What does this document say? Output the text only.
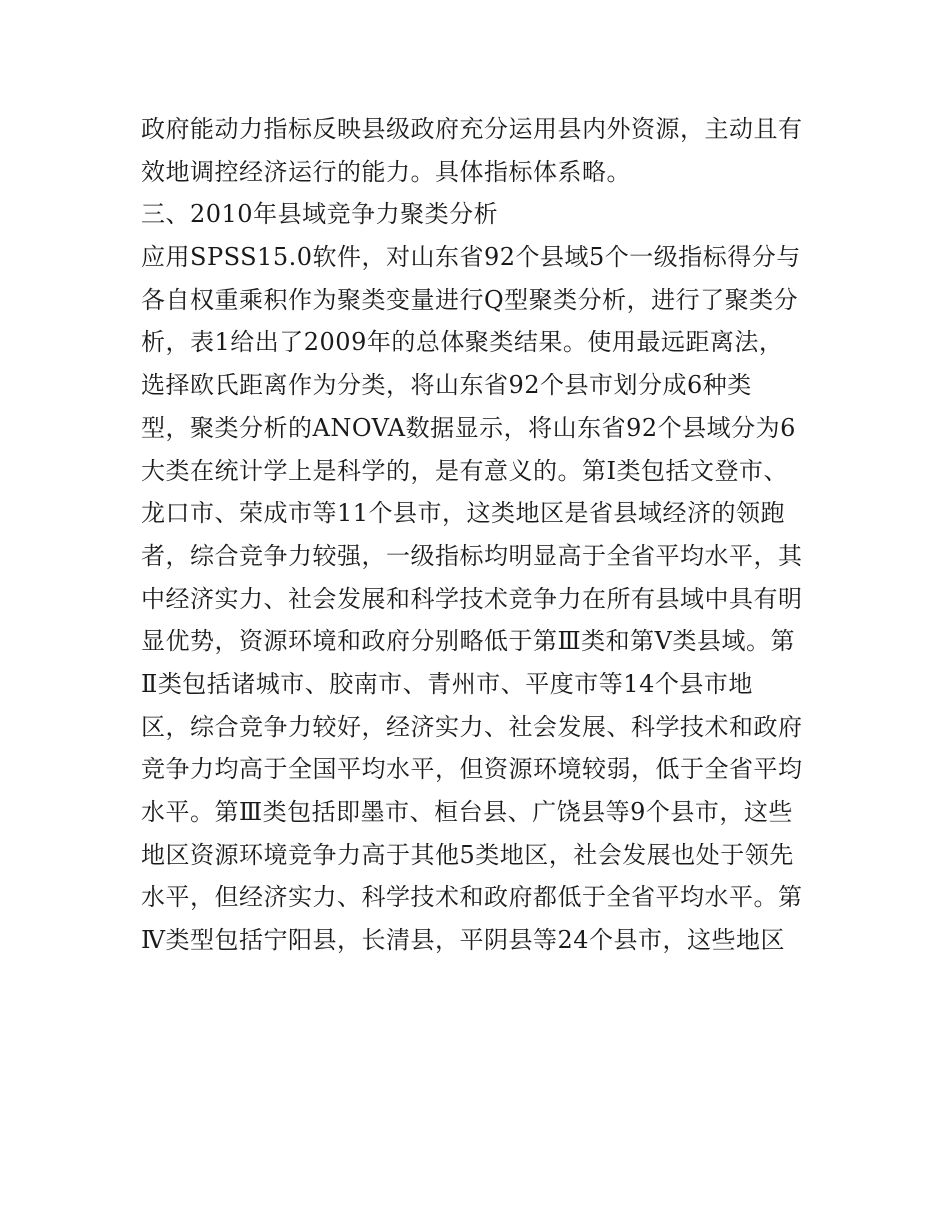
政府能动力指标反映县级政府充分运用县内外资源，主动且有
效地调控经济运行的能力。具体指标体系略。
三、2010年县域竞争力聚类分析
应用SPSS15.0软件，对山东省92个县域5个一级指标得分与
各自权重乘积作为聚类变量进行Q型聚类分析，进行了聚类分
析，表1给出了2009年的总体聚类结果。使用最远距离法，
选择欧氏距离作为分类，将山东省92个县市划分成6种类
型，聚类分析的ANOVA数据显示，将山东省92个县域分为6
大类在统计学上是科学的，是有意义的。第Ⅰ类包括文登市、
龙口市、荣成市等11个县市，这类地区是省县域经济的领跑
者，综合竞争力较强，一级指标均明显高于全省平均水平，其
中经济实力、社会发展和科学技术竞争力在所有县域中具有明
显优势，资源环境和政府分别略低于第Ⅲ类和第Ⅴ类县域。第
Ⅱ类包括诸城市、胶南市、青州市、平度市等14个县市地
区，综合竞争力较好，经济实力、社会发展、科学技术和政府
竞争力均高于全国平均水平，但资源环境较弱，低于全省平均
水平。第Ⅲ类包括即墨市、桓台县、广饶县等9个县市，这些
地区资源环境竞争力高于其他5类地区，社会发展也处于领先
水平，但经济实力、科学技术和政府都低于全省平均水平。第
Ⅳ类型包括宁阳县，长清县，平阴县等24个县市，这些地区
